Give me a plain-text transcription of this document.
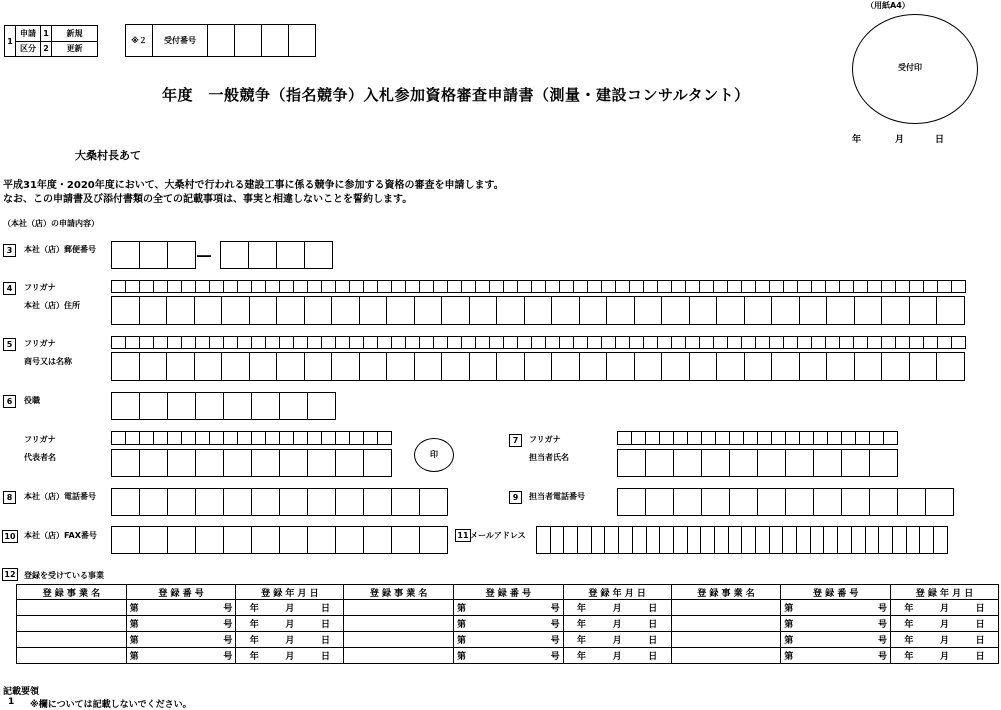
1	申請	1	新規
	区分	2	更新
※２	受付番号				
（用紙A4）
受付印
年	月	日
年度　一般競争（指名競争）入札参加資格審査申請書（測量・建設コンサルタント）
大桑村長あて
平成31年度・2020年度において、大桑村で行われる建設工事に係る競争に参加する資格の審査を申請します。
なお、この申請書及び添付書類の全ての記載事項は、事実と相違しないことを誓約します。
（本社（店）の申請内容）
3	本社（店）郵便番号	―
4	フリガナ
本社（店）住所
5	フリガナ
商号又は名称
6	役職
フリガナ
代表者名	印
7	フリガナ
担当者氏名
8	本社（店）電話番号	9	担当者電話番号
10	本社（店）FAX番号	11 メールアドレス
12	登録を受けている事業
登 録 事 業 名	登 録 番 号	登 録 年 月 日	登 録 事 業 名	登 録 番 号	登 録 年 月 日	登 録 事 業 名	登 録 番 号	登 録 年 月 日

	第 号	年 月 日		第 号	年 月 日		第 号	年 月 日

	第 号	年 月 日		第 号	年 月 日		第 号	年 月 日

	第 号	年 月 日		第 号	年 月 日		第 号	年 月 日

	第 号	年 月 日		第 号	年 月 日		第 号	年 月 日
記載要領
1 ※欄については記載しないでください。
